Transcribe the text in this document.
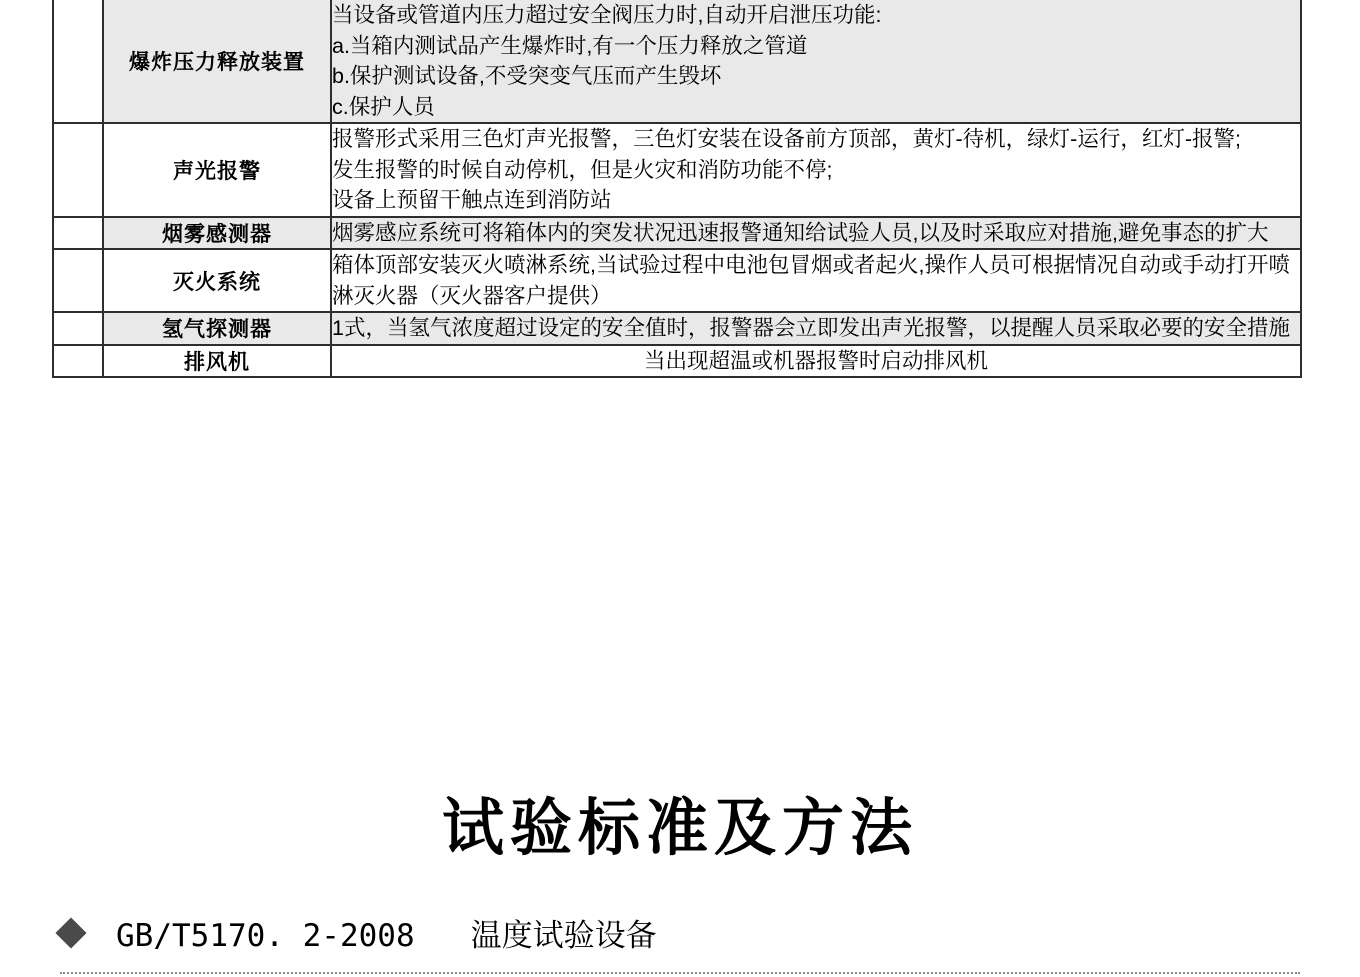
	爆炸压力释放装置	当设备或管道内压力超过安全阀压力时,自动开启泄压功能:
a.当箱内测试品产生爆炸时,有一个压力释放之管道
b.保护测试设备,不受突变气压而产生毁坏
c.保护人员

	声光报警	报警形式采用三色灯声光报警，三色灯安装在设备前方顶部，黄灯-待机，绿灯-运行，红灯-报警;
发生报警的时候自动停机，但是火灾和消防功能不停;
设备上预留干触点连到消防站

	烟雾感测器	烟雾感应系统可将箱体内的突发状况迅速报警通知给试验人员,以及时采取应对措施,避免事态的扩大

	灭火系统	箱体顶部安装灭火喷淋系统,当试验过程中电池包冒烟或者起火,操作人员可根据情况自动或手动打开喷淋灭火器（灭火器客户提供）

	氢气探测器	1式，当氢气浓度超过设定的安全值时，报警器会立即发出声光报警，以提醒人员采取必要的安全措施

	排风机	当出现超温或机器报警时启动排风机
试验标准及方法
GB/T5170. 2-2008 温度试验设备
